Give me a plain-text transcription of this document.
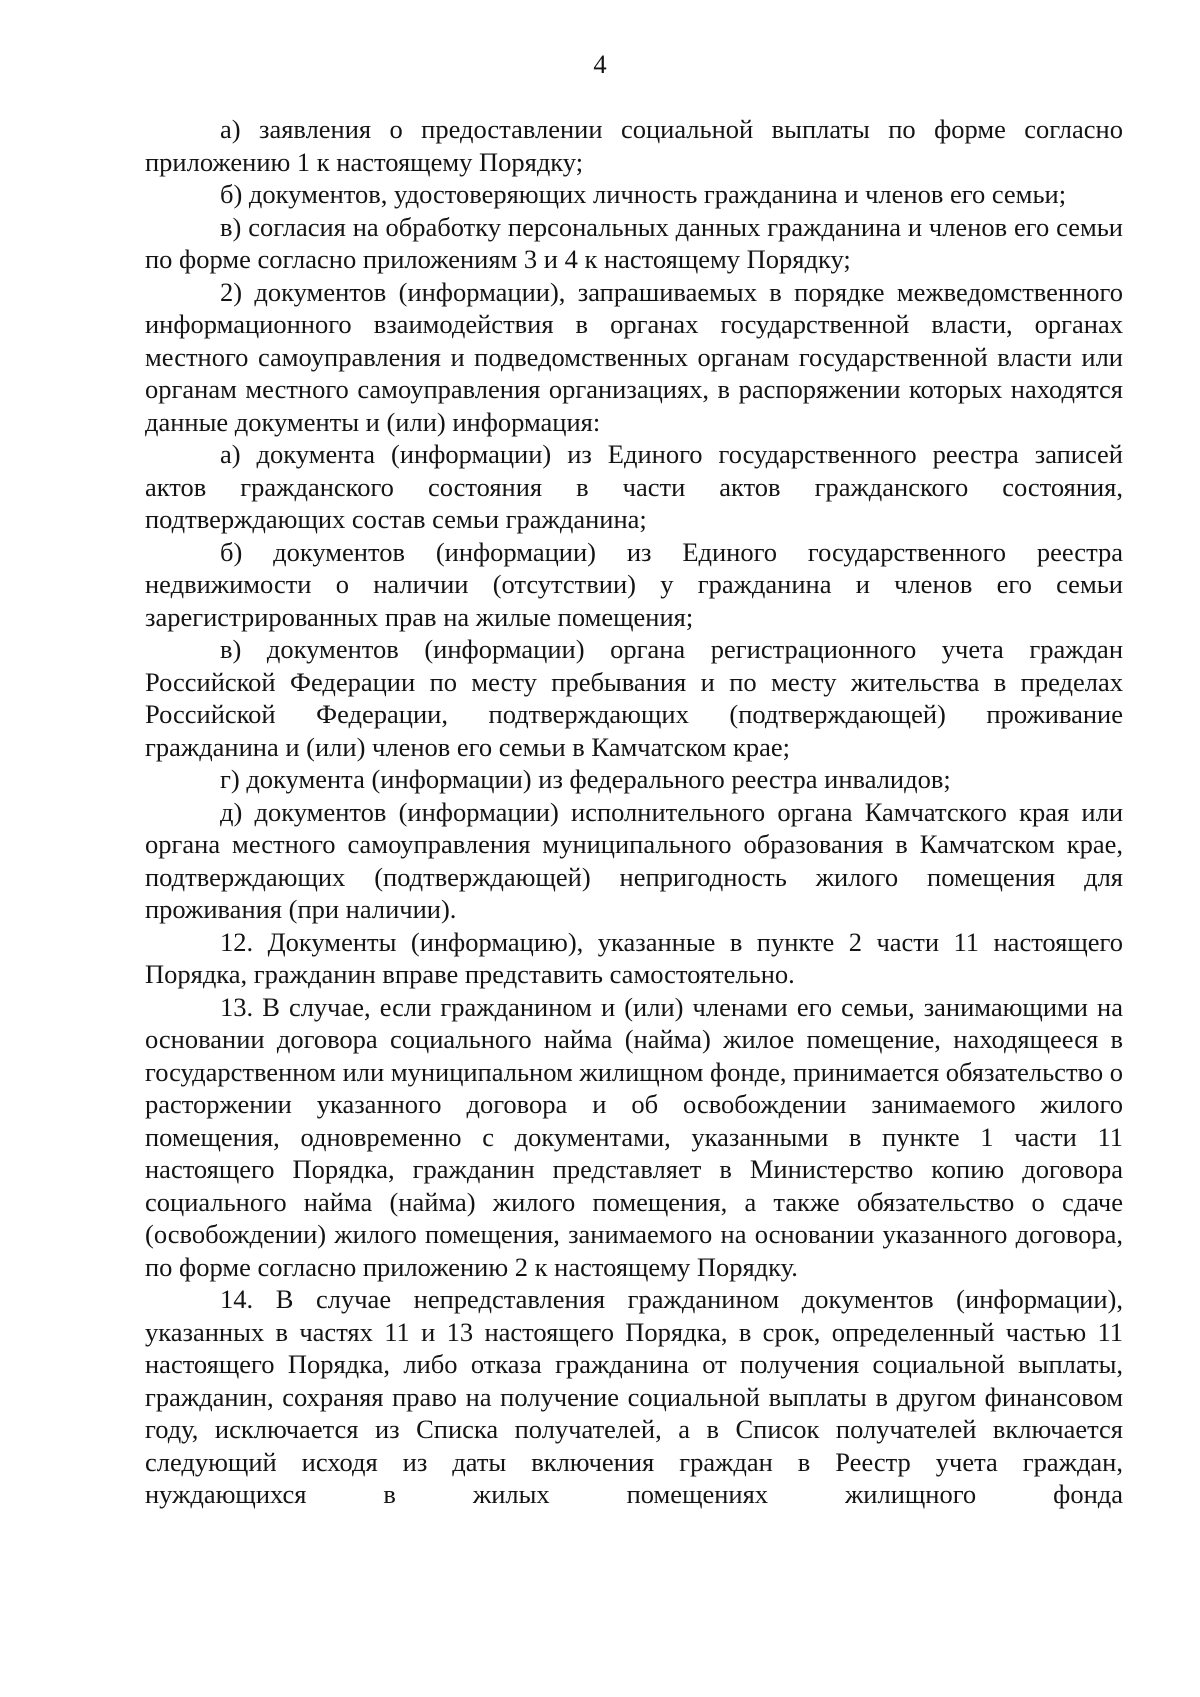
4

а) заявления о предоставлении социальной выплаты по форме согласно приложению 1 к настоящему Порядку;

б) документов, удостоверяющих личность гражданина и членов его семьи;

в) согласия на обработку персональных данных гражданина и членов его семьи по форме согласно приложениям 3 и 4 к настоящему Порядку;

2) документов (информации), запрашиваемых в порядке межведомственного информационного взаимодействия в органах государственной власти, органах местного самоуправления и подведомственных органам государственной власти или органам местного самоуправления организациях, в распоряжении которых находятся данные документы и (или) информация:

а) документа (информации) из Единого государственного реестра записей актов гражданского состояния в части актов гражданского состояния, подтверждающих состав семьи гражданина;

б) документов (информации) из Единого государственного реестра недвижимости о наличии (отсутствии) у гражданина и членов его семьи зарегистрированных прав на жилые помещения;

в) документов (информации) органа регистрационного учета граждан Российской Федерации по месту пребывания и по месту жительства в пределах Российской Федерации, подтверждающих (подтверждающей) проживание гражданина и (или) членов его семьи в Камчатском крае;

г) документа (информации) из федерального реестра инвалидов;

д) документов (информации) исполнительного органа Камчатского края или органа местного самоуправления муниципального образования в Камчатском крае, подтверждающих (подтверждающей) непригодность жилого помещения для проживания (при наличии).

12. Документы (информацию), указанные в пункте 2 части 11 настоящего Порядка, гражданин вправе представить самостоятельно.

13. В случае, если гражданином и (или) членами его семьи, занимающими на основании договора социального найма (найма) жилое помещение, находящееся в государственном или муниципальном жилищном фонде, принимается обязательство о расторжении указанного договора и об освобождении занимаемого жилого помещения, одновременно с документами, указанными в пункте 1 части 11 настоящего Порядка, гражданин представляет в Министерство копию договора социального найма (найма) жилого помещения, а также обязательство о сдаче (освобождении) жилого помещения, занимаемого на основании указанного договора, по форме согласно приложению 2 к настоящему Порядку.

14. В случае непредставления гражданином документов (информации), указанных в частях 11 и 13 настоящего Порядка, в срок, определенный частью 11 настоящего Порядка, либо отказа гражданина от получения социальной выплаты, гражданин, сохраняя право на получение социальной выплаты в другом финансовом году, исключается из Списка получателей, а в Список получателей включается следующий исходя из даты включения граждан в Реестр учета граждан, нуждающихся в жилых помещениях жилищного фонда
